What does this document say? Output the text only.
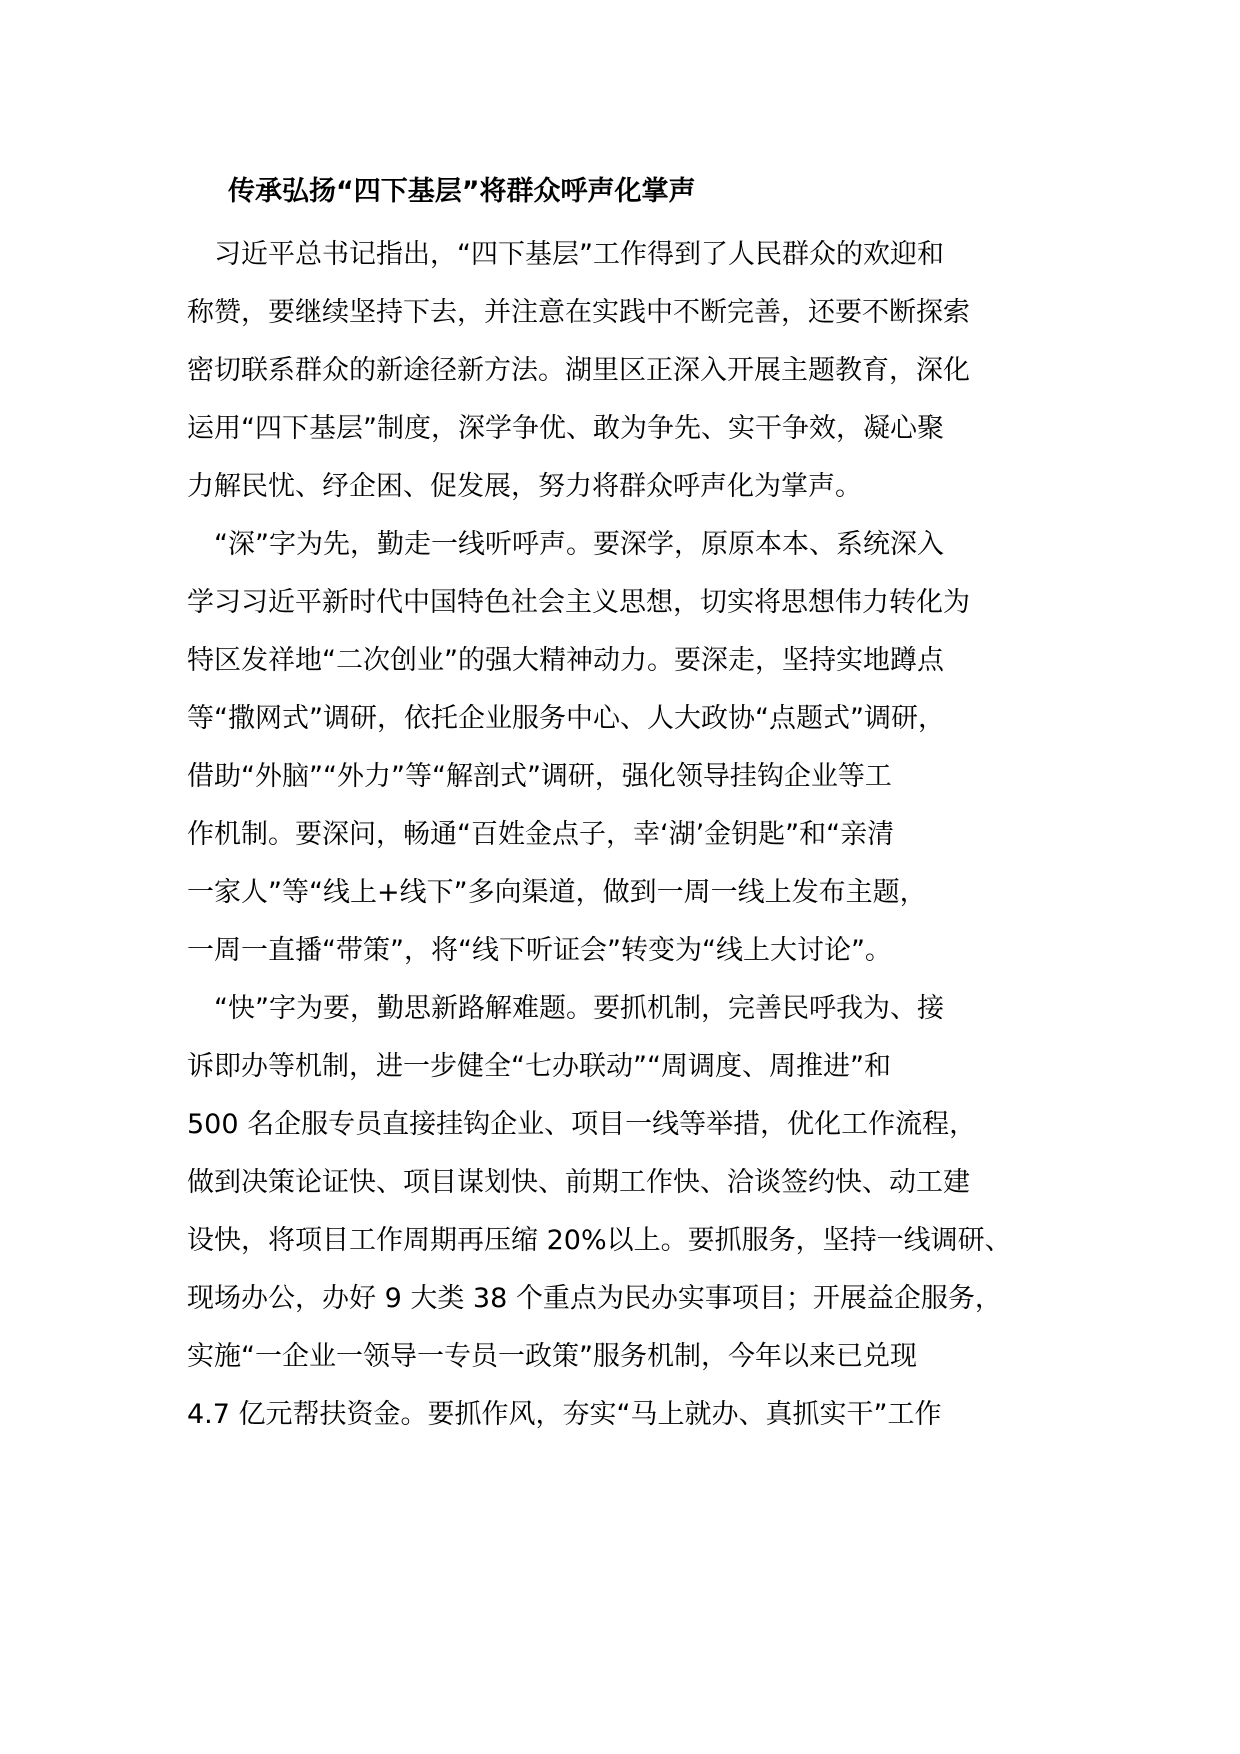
传承弘扬“四下基层”将群众呼声化掌声
　习近平总书记指出，“四下基层”工作得到了人民群众的欢迎和
称赞，要继续坚持下去，并注意在实践中不断完善，还要不断探索
密切联系群众的新途径新方法。湖里区正深入开展主题教育，深化
运用“四下基层”制度，深学争优、敢为争先、实干争效，凝心聚
力解民忧、纾企困、促发展，努力将群众呼声化为掌声。
　“深”字为先，勤走一线听呼声。要深学，原原本本、系统深入
学习习近平新时代中国特色社会主义思想，切实将思想伟力转化为
特区发祥地“二次创业”的强大精神动力。要深走，坚持实地蹲点
等“撒网式”调研，依托企业服务中心、人大政协“点题式”调研，
借助“外脑”“外力”等“解剖式”调研，强化领导挂钩企业等工
作机制。要深问，畅通“百姓金点子，幸‘湖’金钥匙”和“亲清
一家人”等“线上+线下”多向渠道，做到一周一线上发布主题，
一周一直播“带策”，将“线下听证会”转变为“线上大讨论”。
　“快”字为要，勤思新路解难题。要抓机制，完善民呼我为、接
诉即办等机制，进一步健全“七办联动”“周调度、周推进”和
500 名企服专员直接挂钩企业、项目一线等举措，优化工作流程，
做到决策论证快、项目谋划快、前期工作快、洽谈签约快、动工建
设快，将项目工作周期再压缩 20%以上。要抓服务，坚持一线调研、
现场办公，办好 9 大类 38 个重点为民办实事项目；开展益企服务，
实施“一企业一领导一专员一政策”服务机制，今年以来已兑现
4.7 亿元帮扶资金。要抓作风，夯实“马上就办、真抓实干”工作
